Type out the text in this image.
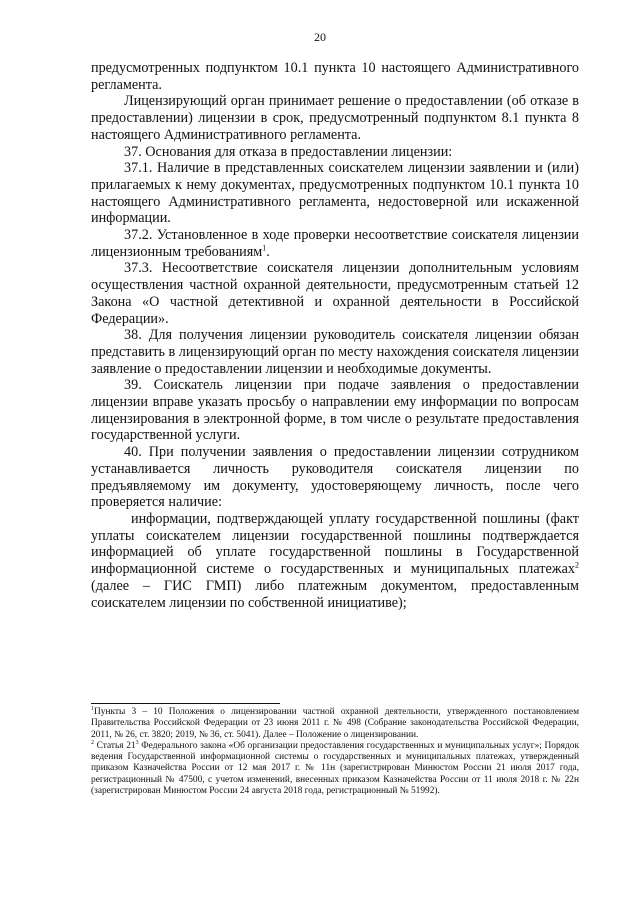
20

предусмотренных подпунктом 10.1 пункта 10 настоящего Административного регламента.

Лицензирующий орган принимает решение о предоставлении (об отказе в предоставлении) лицензии в срок, предусмотренный подпунктом 8.1 пункта 8 настоящего Административного регламента.

37. Основания для отказа в предоставлении лицензии:

37.1. Наличие в представленных соискателем лицензии заявлении и (или) прилагаемых к нему документах, предусмотренных подпунктом 10.1 пункта 10 настоящего Административного регламента, недостоверной или искаженной информации.

37.2. Установленное в ходе проверки несоответствие соискателя лицензии лицензионным требованиям$^1$.

37.3. Несоответствие соискателя лицензии дополнительным условиям осуществления частной охранной деятельности, предусмотренным статьей 12 Закона «О частной детективной и охранной деятельности в Российской Федерации».

38. Для получения лицензии руководитель соискателя лицензии обязан представить в лицензирующий орган по месту нахождения соискателя лицензии заявление о предоставлении лицензии и необходимые документы.

39. Соискатель лицензии при подаче заявления о предоставлении лицензии вправе указать просьбу о направлении ему информации по вопросам лицензирования в электронной форме, в том числе о результате предоставления государственной услуги.

40. При получении заявления о предоставлении лицензии сотрудником устанавливается личность руководителя соискателя лицензии по предъявляемому им документу, удостоверяющему личность, после чего проверяется наличие:

информации, подтверждающей уплату государственной пошлины (факт уплаты соискателем лицензии государственной пошлины подтверждается информацией об уплате государственной пошлины в Государственной информационной системе о государственных и муниципальных платежах$^2$ (далее – ГИС ГМП) либо платежным документом, предоставленным соискателем лицензии по собственной инициативе);

$^1$Пункты 3 – 10 Положения о лицензировании частной охранной деятельности, утвержденного постановлением Правительства Российской Федерации от 23 июня 2011 г. № 498 (Собрание законодательства Российской Федерации, 2011, № 26, ст. 3820; 2019, № 36, ст. 5041). Далее – Положение о лицензировании.

$^2$ Статья $21^3$ Федерального закона «Об организации предоставления государственных и муниципальных услуг»; Порядок ведения Государственной информационной системы о государственных и муниципальных платежах, утвержденный приказом Казначейства России от 12 мая 2017 г. № 11н (зарегистрирован Минюстом России 21 июля 2017 года, регистрационный № 47500, с учетом изменений, внесенных приказом Казначейства России от 11 июля 2018 г. № 22н (зарегистрирован Минюстом России 24 августа 2018 года, регистрационный № 51992).
